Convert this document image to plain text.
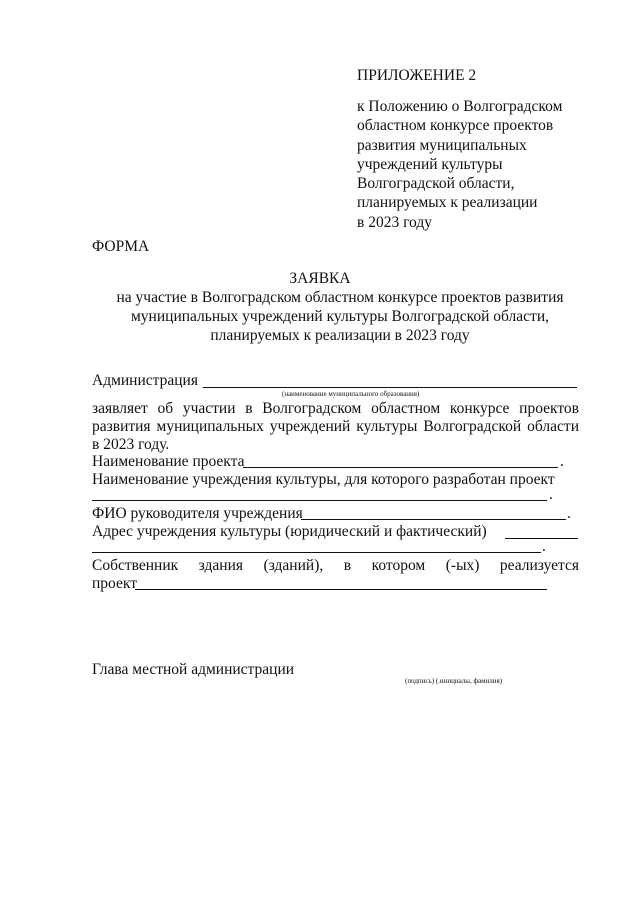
ПРИЛОЖЕНИЕ 2
к Положению о Волгоградском
областном конкурсе проектов
развития муниципальных
учреждений культуры
Волгоградской области,
планируемых к реализации
в 2023 году
ФОРМА
ЗАЯВКА
на участие в Волгоградском областном конкурсе проектов развития
муниципальных учреждений культуры Волгоградской области,
планируемых к реализации в 2023 году
Администрация
(наименование муниципального образования)
заявляет об участии в Волгоградском областном конкурсе проектов
развития муниципальных учреждений культуры Волгоградской области
в 2023 году.
Наименование проекта	.
Наименование учреждения культуры, для которого разработан проект
.
ФИО руководителя учреждения	.
Адрес учреждения культуры (юридический и фактический)
.
Собственник здания (зданий), в котором (-ых) реализуется
проект
Глава местной администрации
(подпись) (.инициалы, фамилия)
